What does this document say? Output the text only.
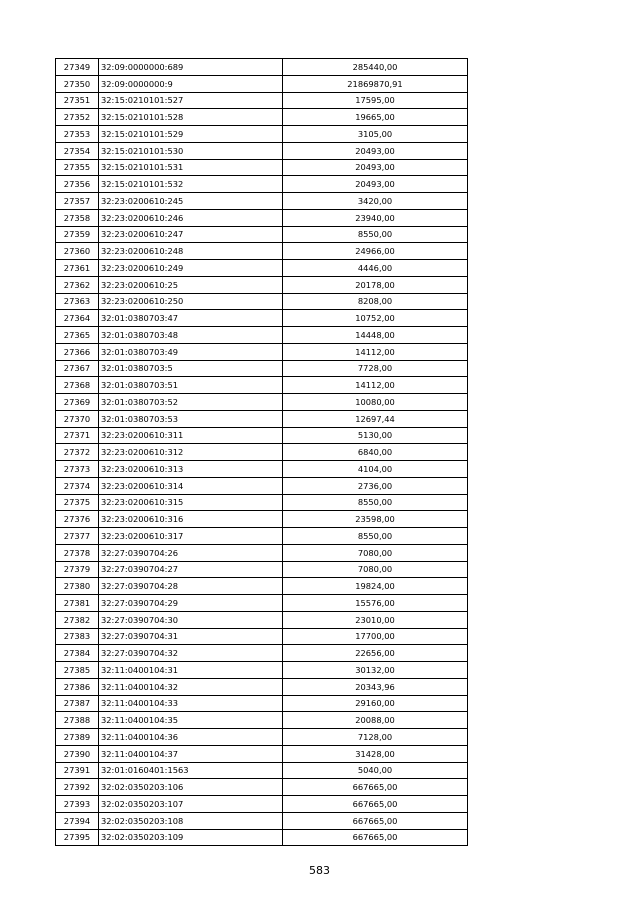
27349	32:09:0000000:689	285440,00
27350	32:09:0000000:9	21869870,91
27351	32:15:0210101:527	17595,00
27352	32:15:0210101:528	19665,00
27353	32:15:0210101:529	3105,00
27354	32:15:0210101:530	20493,00
27355	32:15:0210101:531	20493,00
27356	32:15:0210101:532	20493,00
27357	32:23:0200610:245	3420,00
27358	32:23:0200610:246	23940,00
27359	32:23:0200610:247	8550,00
27360	32:23:0200610:248	24966,00
27361	32:23:0200610:249	4446,00
27362	32:23:0200610:25	20178,00
27363	32:23:0200610:250	8208,00
27364	32:01:0380703:47	10752,00
27365	32:01:0380703:48	14448,00
27366	32:01:0380703:49	14112,00
27367	32:01:0380703:5	7728,00
27368	32:01:0380703:51	14112,00
27369	32:01:0380703:52	10080,00
27370	32:01:0380703:53	12697,44
27371	32:23:0200610:311	5130,00
27372	32:23:0200610:312	6840,00
27373	32:23:0200610:313	4104,00
27374	32:23:0200610:314	2736,00
27375	32:23:0200610:315	8550,00
27376	32:23:0200610:316	23598,00
27377	32:23:0200610:317	8550,00
27378	32:27:0390704:26	7080,00
27379	32:27:0390704:27	7080,00
27380	32:27:0390704:28	19824,00
27381	32:27:0390704:29	15576,00
27382	32:27:0390704:30	23010,00
27383	32:27:0390704:31	17700,00
27384	32:27:0390704:32	22656,00
27385	32:11:0400104:31	30132,00
27386	32:11:0400104:32	20343,96
27387	32:11:0400104:33	29160,00
27388	32:11:0400104:35	20088,00
27389	32:11:0400104:36	7128,00
27390	32:11:0400104:37	31428,00
27391	32:01:0160401:1563	5040,00
27392	32:02:0350203:106	667665,00
27393	32:02:0350203:107	667665,00
27394	32:02:0350203:108	667665,00
27395	32:02:0350203:109	667665,00
583
